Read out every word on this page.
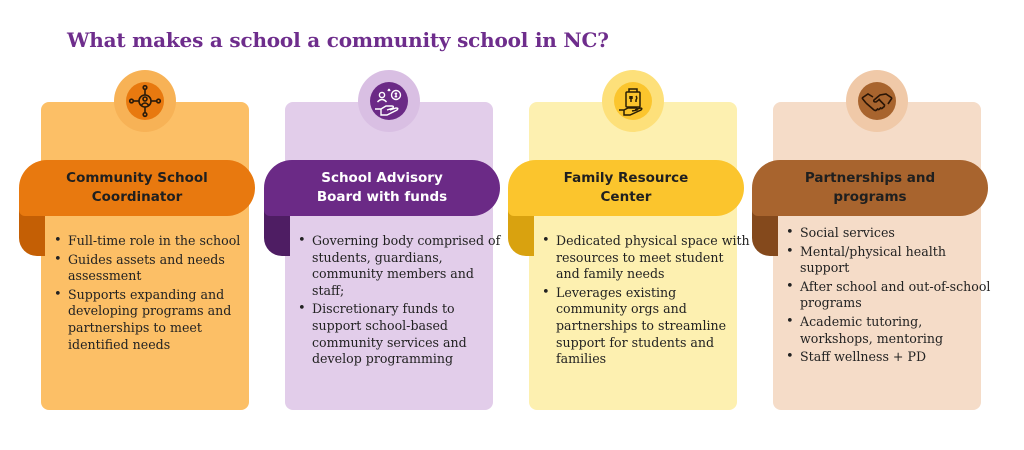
What makes a school a community school in NC?
Community School
Coordinator
• Full-time role in the school
• Guides assets and needs assessment
• Supports expanding and developing programs and partnerships to meet identified needs
School Advisory
Board with funds
• Governing body comprised of students, guardians, community members and staff;
• Discretionary funds to support school-based community services and develop programming
Family Resource
Center
• Dedicated physical space with resources to meet student and family needs
• Leverages existing community orgs and partnerships to streamline support for students and families
Partnerships and
programs
• Social services
• Mental/physical health support
• After school and out-of-school programs
• Academic tutoring, workshops, mentoring
• Staff wellness + PD
